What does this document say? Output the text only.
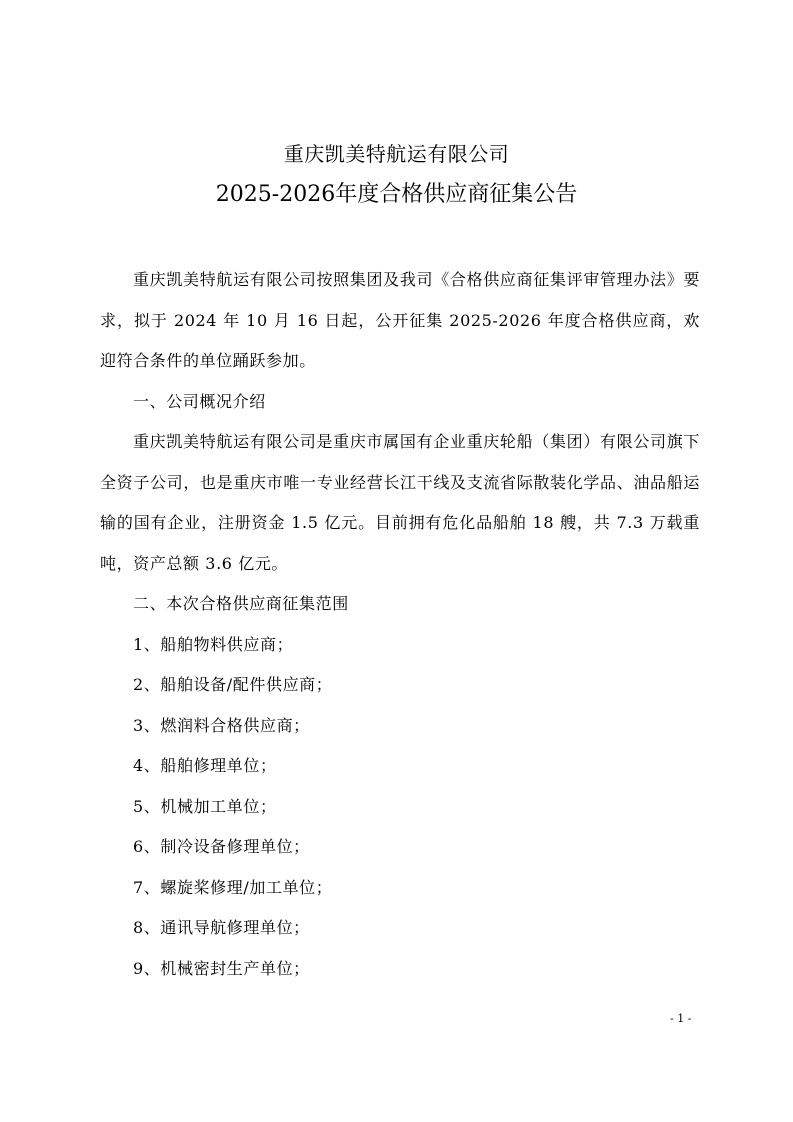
重庆凯美特航运有限公司
2025-2026年度合格供应商征集公告

重庆凯美特航运有限公司按照集团及我司《合格供应商征集评审管理办法》要求，拟于 2024 年 10 月 16 日起，公开征集 2025-2026 年度合格供应商，欢迎符合条件的单位踊跃参加。

一、公司概况介绍

重庆凯美特航运有限公司是重庆市属国有企业重庆轮船（集团）有限公司旗下全资子公司，也是重庆市唯一专业经营长江干线及支流省际散装化学品、油品船运输的国有企业，注册资金 1.5 亿元。目前拥有危化品船舶 18 艘，共 7.3 万载重吨，资产总额 3.6 亿元。

二、本次合格供应商征集范围

1、船舶物料供应商；

2、船舶设备/配件供应商；

3、燃润料合格供应商；

4、船舶修理单位；

5、机械加工单位；

6、制冷设备修理单位；

7、螺旋桨修理/加工单位；

8、通讯导航修理单位；

9、机械密封生产单位；

- 1 -
